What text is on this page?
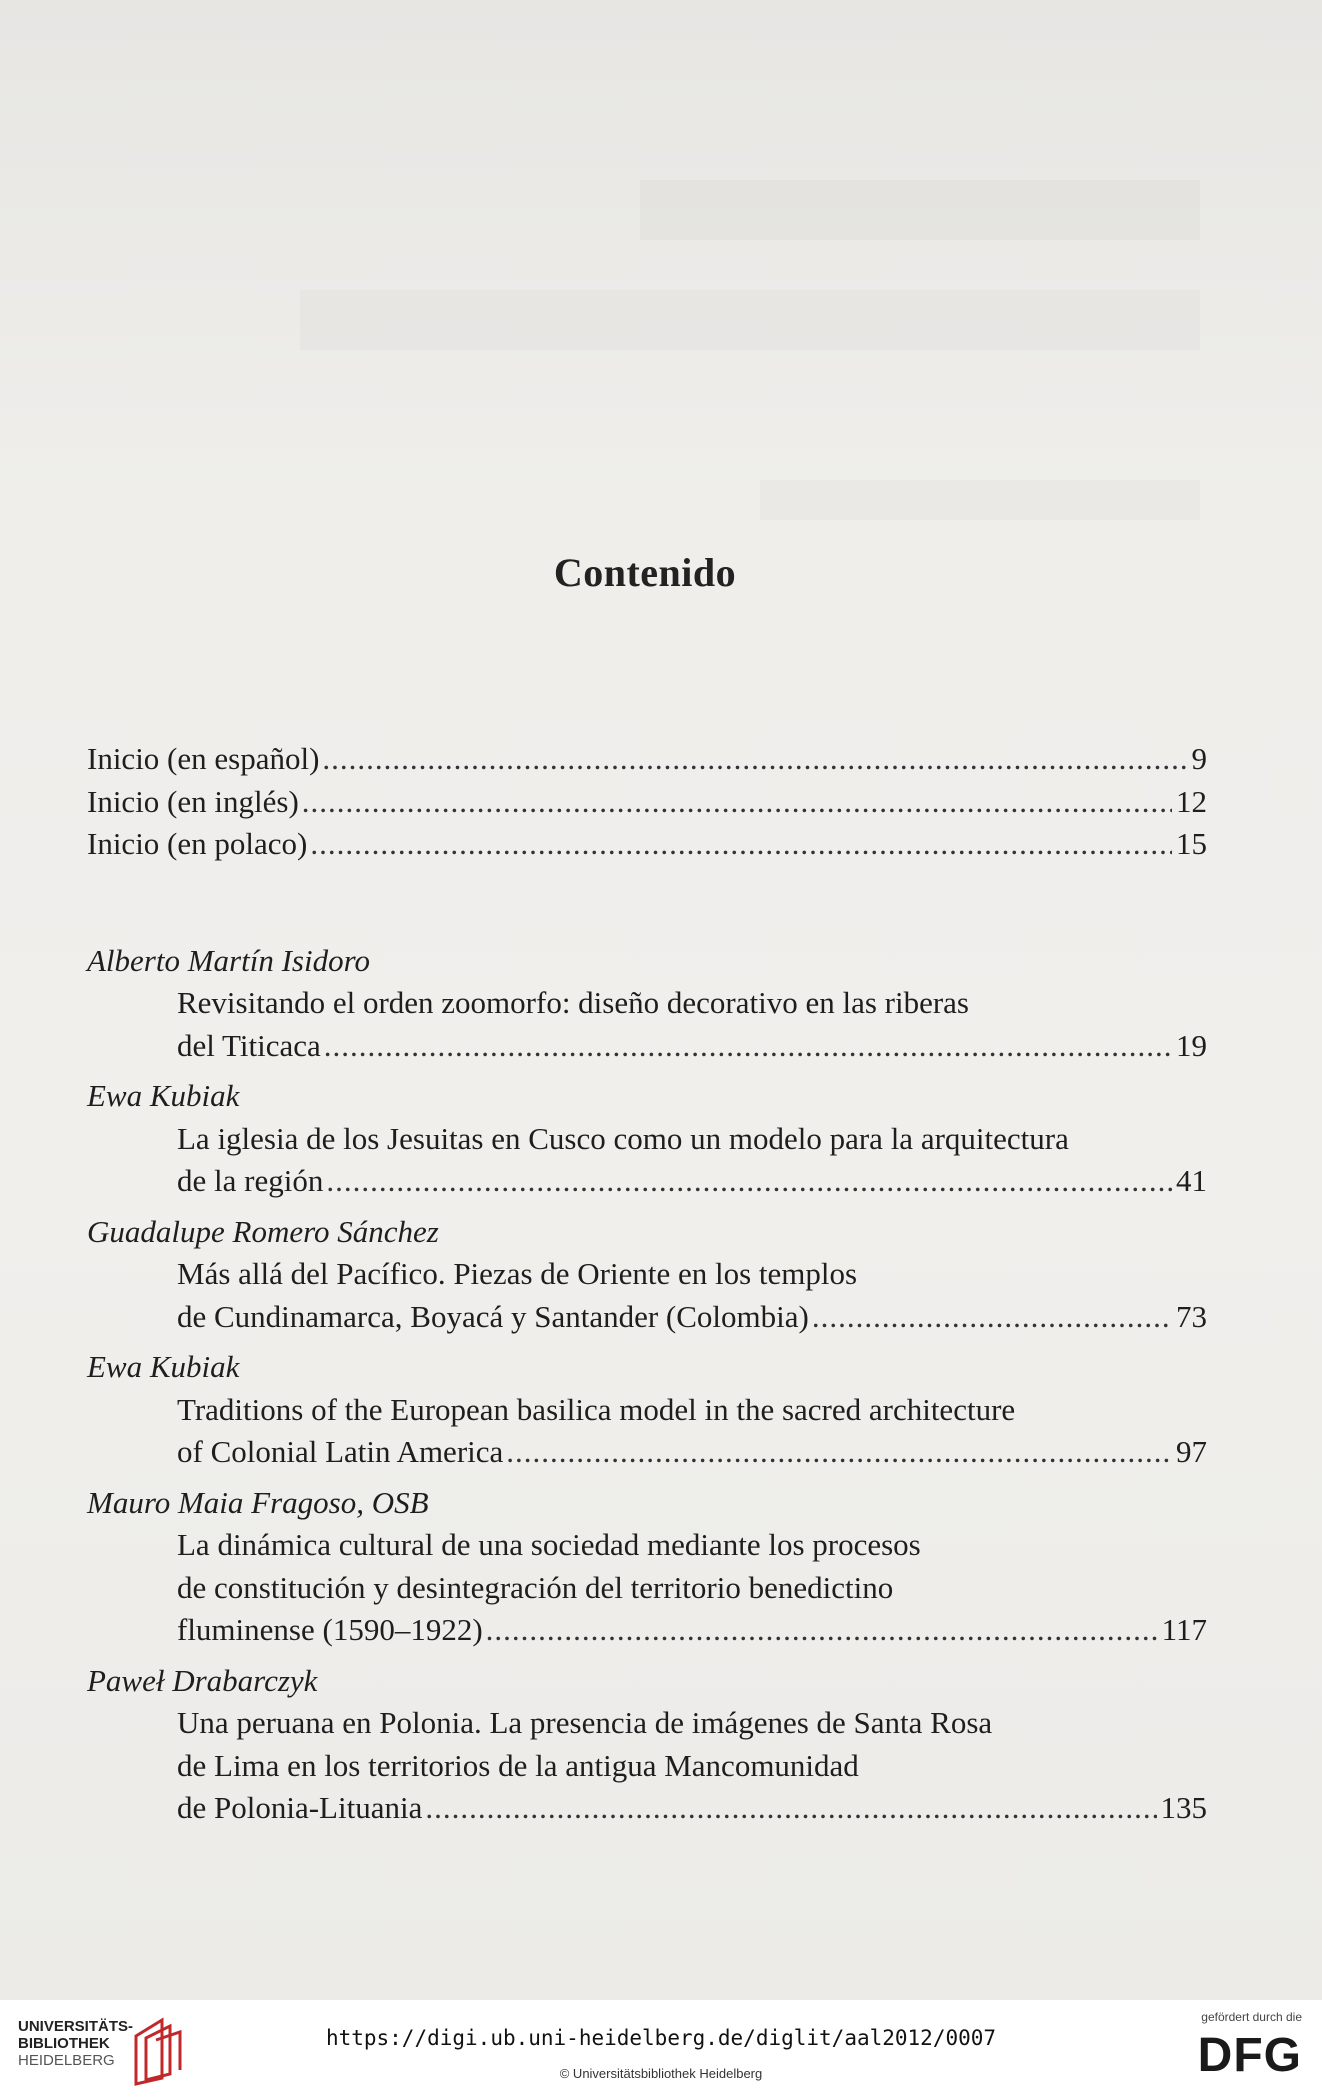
Contenido
Inicio (en español) .....	9
Inicio (en inglés) .....	12
Inicio (en polaco) .....	15
Alberto Martín Isidoro
Revisitando el orden zoomorfo: diseño decorativo en las riberas
del Titicaca .....	19
Ewa Kubiak
La iglesia de los Jesuitas en Cusco como un modelo para la arquitectura
de la región .....	41
Guadalupe Romero Sánchez
Más allá del Pacífico. Piezas de Oriente en los templos
de Cundinamarca, Boyacá y Santander (Colombia) .....	73
Ewa Kubiak
Traditions of the European basilica model in the sacred architecture
of Colonial Latin America .....	97
Mauro Maia Fragoso, OSB
La dinámica cultural de una sociedad mediante los procesos
de constitución y desintegración del territorio benedictino
fluminense (1590–1922) .....	117
Paweł Drabarczyk
Una peruana en Polonia. La presencia de imágenes de Santa Rosa
de Lima en los territorios de la antigua Mancomunidad
de Polonia-Lituania .....	135
UNIVERSITÄTS-
BIBLIOTHEK
HEIDELBERG
https://digi.ub.uni-heidelberg.de/diglit/aal2012/0007
© Universitätsbibliothek Heidelberg
gefördert durch die
DFG
